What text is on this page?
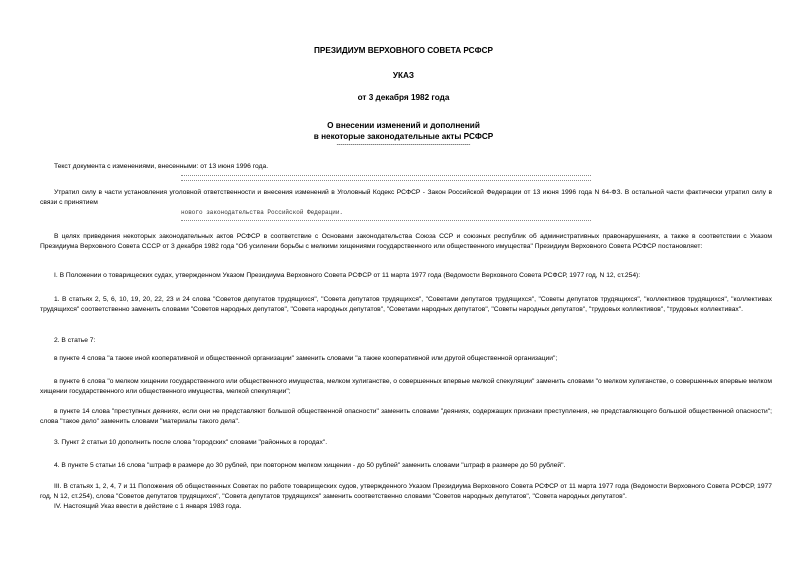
ПРЕЗИДИУМ ВЕРХОВНОГО СОВЕТА РСФСР
УКАЗ
от 3 декабря 1982 года
О внесении изменений и дополнений
в некоторые законодательные акты РСФСР
-------------------------------------------------------------------
Текст документа с изменениями, внесенными: от 13 июня 1996 года.
Утратил силу в части установления уголовной ответственности и внесения изменений в Уголовный Кодекс РСФСР - Закон Российской Федерации от 13 июня 1996 года N 64-ФЗ. В остальной части фактически утратил силу в связи с принятием
нового законодательства Российской Федерации.
В целях приведения некоторых законодательных актов РСФСР в соответствие с Основами законодательства Союза ССР и союзных республик об административных правонарушениях, а также в соответствии с Указом Президиума Верховного Совета СССР от 3 декабря 1982 года "Об усилении борьбы с мелкими хищениями государственного или общественного имущества" Президиум Верховного Совета РСФСР постановляет:
I. В Положении о товарищеских судах, утвержденном Указом Президиума Верховного Совета РСФСР от 11 марта 1977 года (Ведомости Верховного Совета РСФСР, 1977 год, N 12, ст.254):
1. В статьях 2, 5, 6, 10, 19, 20, 22, 23 и 24 слова "Советов депутатов трудящихся", "Совета депутатов трудящихся", "Советами депутатов трудящихся", "Советы депутатов трудящихся", "коллективов трудящихся", "коллективах трудящихся" соответственно заменить словами "Советов народных депутатов", "Совета народных депутатов", "Советами народных депутатов", "Советы народных депутатов", "трудовых коллективов", "трудовых коллективах".
2. В статье 7:
в пункте 4 слова "а также иной кооперативной и общественной организации" заменить словами "а также кооперативной или другой общественной организации";
в пункте 6 слова "о мелком хищении государственного или общественного имущества, мелком хулиганстве, о совершенных впервые мелкой спекуляции" заменить словами "о мелком хулиганстве, о совершенных впервые мелком хищении государственного или общественного имущества, мелкой спекуляции";
в пункте 14 слова "преступных деяниях, если они не представляют большой общественной опасности" заменить словами "деяниях, содержащих признаки преступления, не представляющего большой общественной опасности"; слова "такое дело" заменить словами "материалы такого дела".
3. Пункт 2 статьи 10 дополнить после слова "городских" словами "районных в городах".
4. В пункте 5 статьи 16 слова "штраф в размере до 30 рублей, при повторном мелком хищении - до 50 рублей" заменить словами "штраф в размере до 50 рублей".
III. В статьях 1, 2, 4, 7 и 11 Положения об общественных Советах по работе товарищеских судов, утвержденного Указом Президиума Верховного Совета РСФСР от 11 марта 1977 года (Ведомости Верховного Совета РСФСР, 1977 год, N 12, ст.254), слова "Советов депутатов трудящихся", "Совета депутатов трудящихся" заменить соответственно словами "Советов народных депутатов", "Совета народных депутатов".
IV. Настоящий Указ ввести в действие с 1 января 1983 года.
